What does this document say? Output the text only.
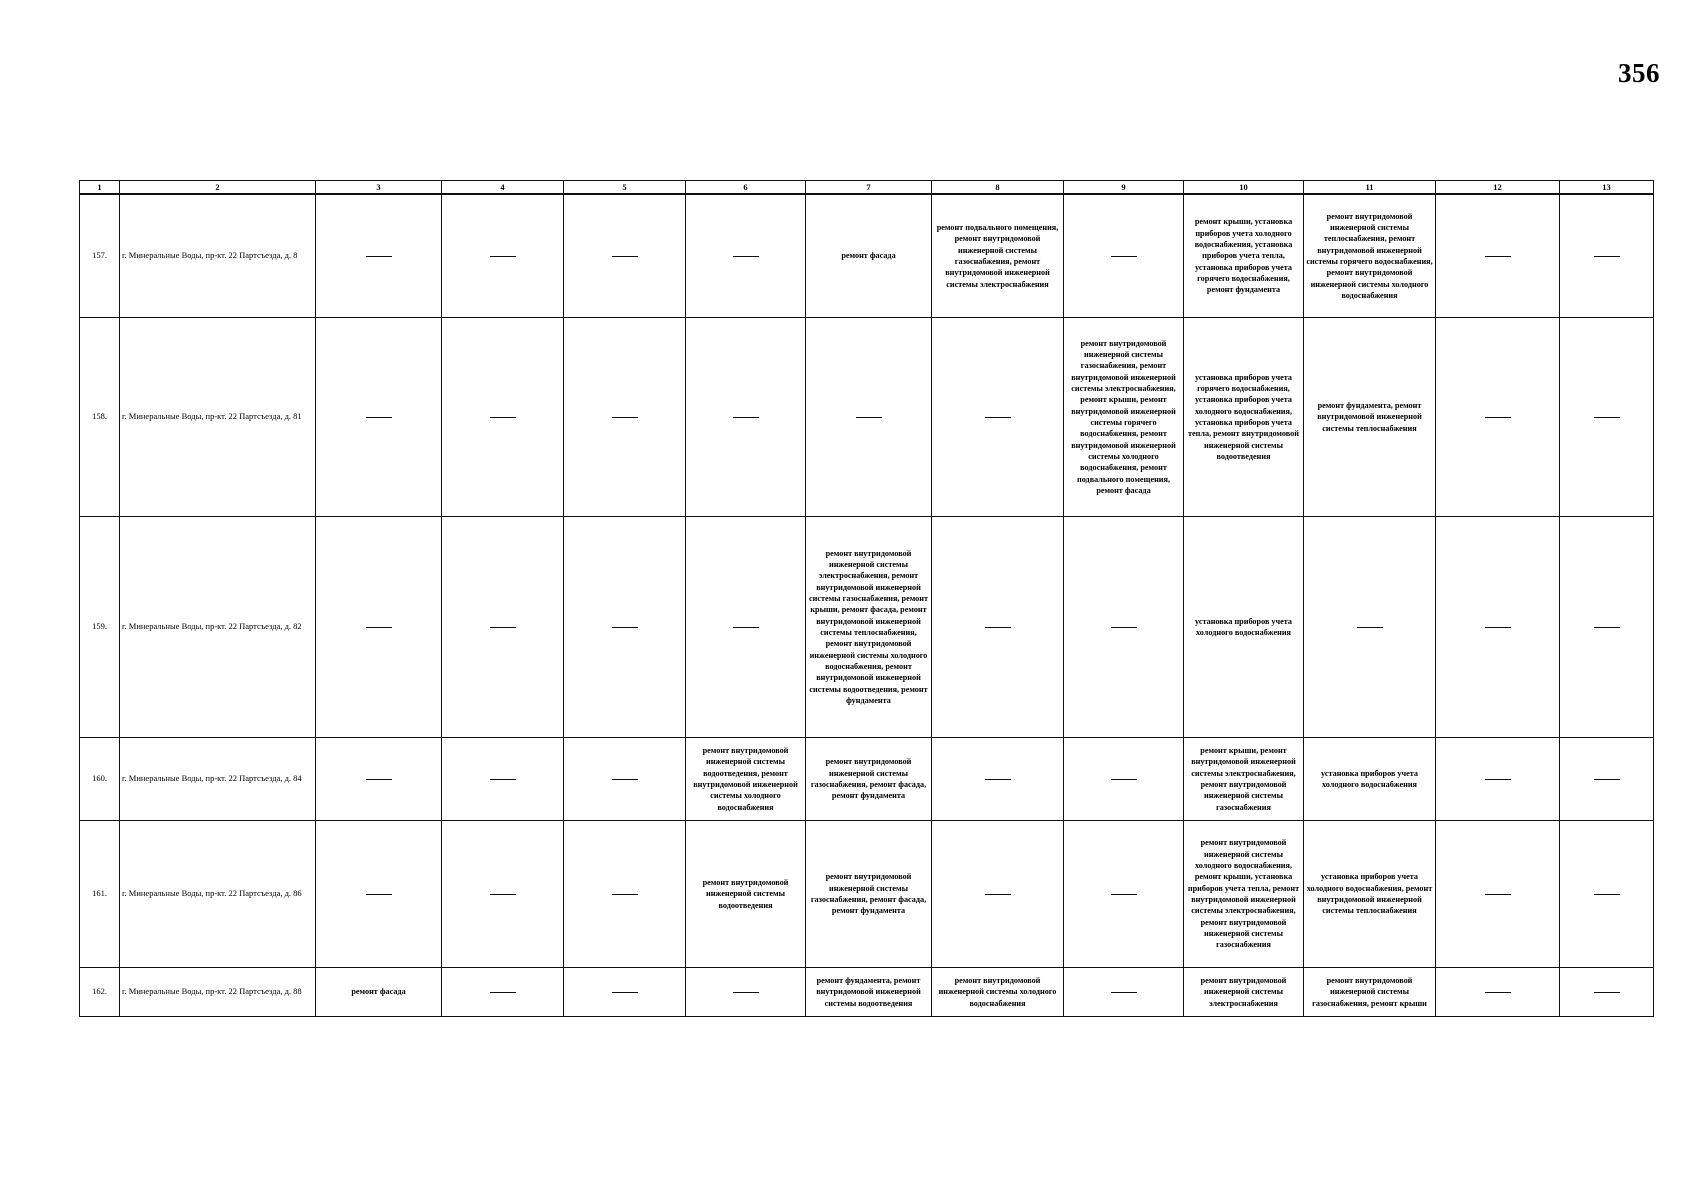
356
1	2	3	4	5	6	7	8	9	10	11	12	13
157.	г. Минеральные Воды, пр-кт. 22 Партсъезда, д. 8					ремонт фасада	ремонт подвального помещения, ремонт внутридомовой инженерной системы газоснабжения, ремонт внутридомовой инженерной системы электроснабжения		ремонт крыши, установка приборов учета холодного водоснабжения, установка приборов учета тепла, установка приборов учета горячего водоснабжения, ремонт фундамента	ремонт внутридомовой инженерной системы теплоснабжения, ремонт внутридомовой инженерной системы горячего водоснабжения, ремонт внутридомовой инженерной системы холодного водоснабжения		
158.	г. Минеральные Воды, пр-кт. 22 Партсъезда, д. 81							ремонт внутридомовой инженерной системы газоснабжения, ремонт внутридомовой инженерной системы электроснабжения, ремонт крыши, ремонт внутридомовой инженерной системы горячего водоснабжения, ремонт внутридомовой инженерной системы холодного водоснабжения, ремонт подвального помещения, ремонт фасада	установка приборов учета горячего водоснабжения, установка приборов учета холодного водоснабжения, установка приборов учета тепла, ремонт внутридомовой инженерной системы водоотведения	ремонт фундамента, ремонт внутридомовой инженерной системы теплоснабжения		
159.	г. Минеральные Воды, пр-кт. 22 Партсъезда, д. 82					ремонт внутридомовой инженерной системы электроснабжения, ремонт внутридомовой инженерной системы газоснабжения, ремонт крыши, ремонт фасада, ремонт внутридомовой инженерной системы теплоснабжения, ремонт внутридомовой инженерной системы холодного водоснабжения, ремонт внутридомовой инженерной системы водоотведения, ремонт фундамента			установка приборов учета холодного водоснабжения			
160.	г. Минеральные Воды, пр-кт. 22 Партсъезда, д. 84				ремонт внутридомовой инженерной системы водоотведения, ремонт внутридомовой инженерной системы холодного водоснабжения	ремонт внутридомовой инженерной системы газоснабжения, ремонт фасада, ремонт фундамента			ремонт крыши, ремонт внутридомовой инженерной системы электроснабжения, ремонт внутридомовой инженерной системы газоснабжения	установка приборов учета холодного водоснабжения		
161.	г. Минеральные Воды, пр-кт. 22 Партсъезда, д. 86				ремонт внутридомовой инженерной системы водоотведения	ремонт внутридомовой инженерной системы газоснабжения, ремонт фасада, ремонт фундамента			ремонт внутридомовой инженерной системы холодного водоснабжения, ремонт крыши, установка приборов учета тепла, ремонт внутридомовой инженерной системы электроснабжения, ремонт внутридомовой инженерной системы газоснабжения	установка приборов учета холодного водоснабжения, ремонт внутридомовой инженерной системы теплоснабжения		
162.	г. Минеральные Воды, пр-кт. 22 Партсъезда, д. 88	ремонт фасада				ремонт фундамента, ремонт внутридомовой инженерной системы водоотведения	ремонт внутридомовой инженерной системы холодного водоснабжения		ремонт внутридомовой инженерной системы электроснабжения	ремонт внутридомовой инженерной системы газоснабжения, ремонт крыши		
